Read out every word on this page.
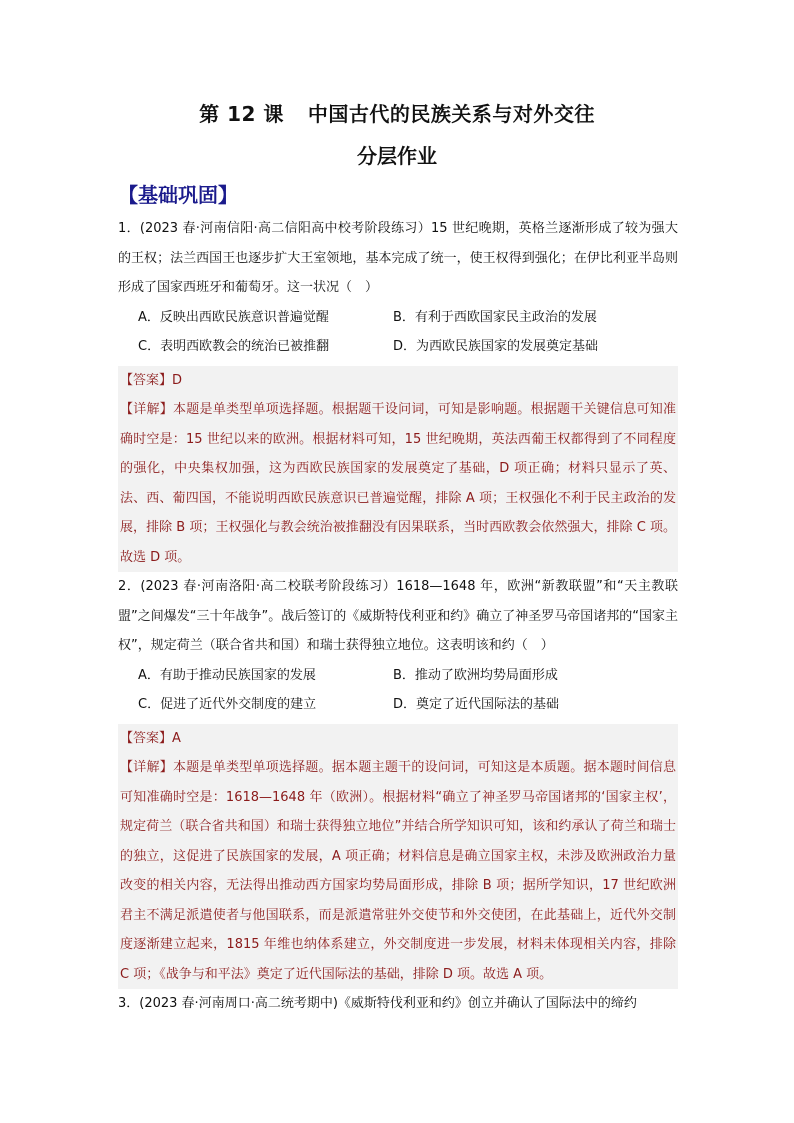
第 12 课 中国古代的民族关系与对外交往
分层作业
【基础巩固】

1．(2023 春·河南信阳·高二信阳高中校考阶段练习）15 世纪晚期，英格兰逐渐形成了较为强大的王权；法兰西国王也逐步扩大王室领地，基本完成了统一，使王权得到强化；在伊比利亚半岛则形成了国家西班牙和葡萄牙。这一状况（　）

A．反映出西欧民族意识普遍觉醒	B．有利于西欧国家民主政治的发展
C．表明西欧教会的统治已被推翻	D．为西欧民族国家的发展奠定基础

【答案】D

【详解】本题是单类型单项选择题。根据题干设问词，可知是影响题。根据题干关键信息可知准确时空是：15 世纪以来的欧洲。根据材料可知，15 世纪晚期，英法西葡王权都得到了不同程度的强化，中央集权加强，这为西欧民族国家的发展奠定了基础，D 项正确；材料只显示了英、法、西、葡四国，不能说明西欧民族意识已普遍觉醒，排除 A 项；王权强化不利于民主政治的发展，排除 B 项；王权强化与教会统治被推翻没有因果联系，当时西欧教会依然强大，排除 C 项。故选 D 项。

2．(2023 春·河南洛阳·高二校联考阶段练习）1618—1648 年，欧洲“新教联盟”和“天主教联盟”之间爆发“三十年战争”。战后签订的《威斯特伐利亚和约》确立了神圣罗马帝国诸邦的“国家主权”，规定荷兰（联合省共和国）和瑞士获得独立地位。这表明该和约（　）

A．有助于推动民族国家的发展	B．推动了欧洲均势局面形成
C．促进了近代外交制度的建立	D．奠定了近代国际法的基础

【答案】A

【详解】本题是单类型单项选择题。据本题主题干的设问词，可知这是本质题。据本题时间信息可知准确时空是：1618—1648 年（欧洲）。根据材料“确立了神圣罗马帝国诸邦的‘国家主权’，规定荷兰（联合省共和国）和瑞士获得独立地位”并结合所学知识可知，该和约承认了荷兰和瑞士的独立，这促进了民族国家的发展，A 项正确；材料信息是确立国家主权，未涉及欧洲政治力量改变的相关内容，无法得出推动西方国家均势局面形成，排除 B 项；据所学知识，17 世纪欧洲君主不满足派遣使者与他国联系，而是派遣常驻外交使节和外交使团，在此基础上，近代外交制度逐渐建立起来，1815 年维也纳体系建立，外交制度进一步发展，材料未体现相关内容，排除 C 项；《战争与和平法》奠定了近代国际法的基础，排除 D 项。故选 A 项。

3．(2023 春·河南周口·高二统考期中)《威斯特伐利亚和约》创立并确认了国际法中的缔约
